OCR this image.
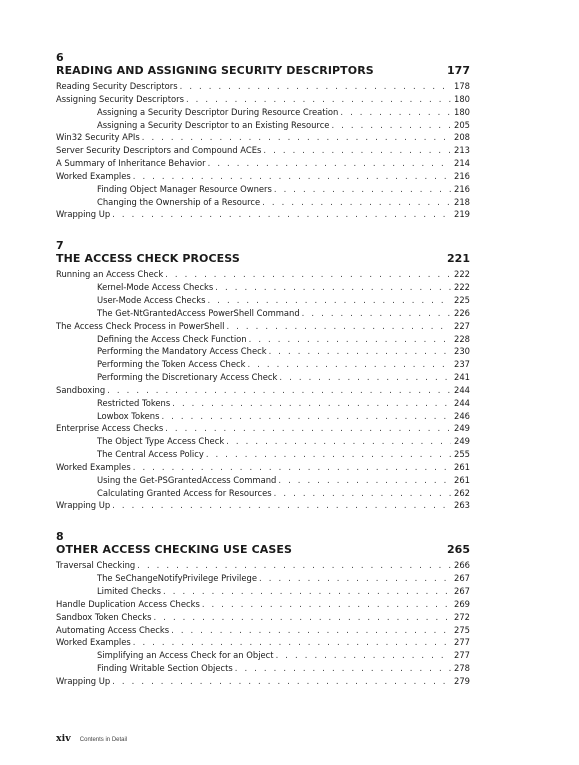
6
READING AND ASSIGNING SECURITY DESCRIPTORS	177
Reading Security Descriptors . . .	178
Assigning Security Descriptors . . .	180
Assigning a Security Descriptor During Resource Creation . . .	180
Assigning a Security Descriptor to an Existing Resource . . .	205
Win32 Security APIs . . .	208
Server Security Descriptors and Compound ACEs . . .	213
A Summary of Inheritance Behavior . . .	214
Worked Examples . . .	216
Finding Object Manager Resource Owners . . .	216
Changing the Ownership of a Resource . . .	218
Wrapping Up . . .	219
7
THE ACCESS CHECK PROCESS	221
Running an Access Check . . .	222
Kernel-Mode Access Checks . . .	222
User-Mode Access Checks . . .	225
The Get-NtGrantedAccess PowerShell Command . . .	226
The Access Check Process in PowerShell . . .	227
Defining the Access Check Function . . .	228
Performing the Mandatory Access Check . . .	230
Performing the Token Access Check . . .	237
Performing the Discretionary Access Check . . .	241
Sandboxing . . .	244
Restricted Tokens . . .	244
Lowbox Tokens . . .	246
Enterprise Access Checks . . .	249
The Object Type Access Check . . .	249
The Central Access Policy . . .	255
Worked Examples . . .	261
Using the Get-PSGrantedAccess Command . . .	261
Calculating Granted Access for Resources . . .	262
Wrapping Up . . .	263
8
OTHER ACCESS CHECKING USE CASES	265
Traversal Checking . . .	266
The SeChangeNotifyPrivilege Privilege . . .	267
Limited Checks . . .	267
Handle Duplication Access Checks . . .	269
Sandbox Token Checks . . .	272
Automating Access Checks . . .	275
Worked Examples . . .	277
Simplifying an Access Check for an Object . . .	277
Finding Writable Section Objects . . .	278
Wrapping Up . . .	279
xiv Contents in Detail
